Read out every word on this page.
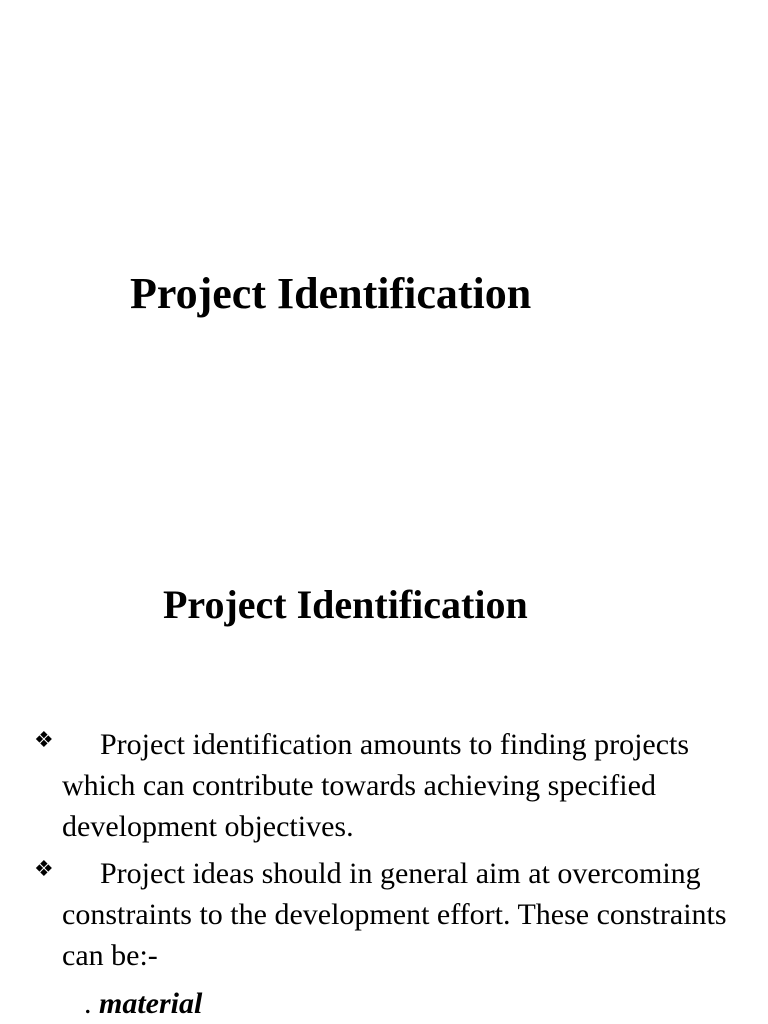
Project Identification
Project Identification
❖	Project identification amounts to finding projects which can contribute towards achieving specified development objectives.
❖	Project ideas should in general aim at overcoming constraints to the development effort. These constraints can be:-
. material
